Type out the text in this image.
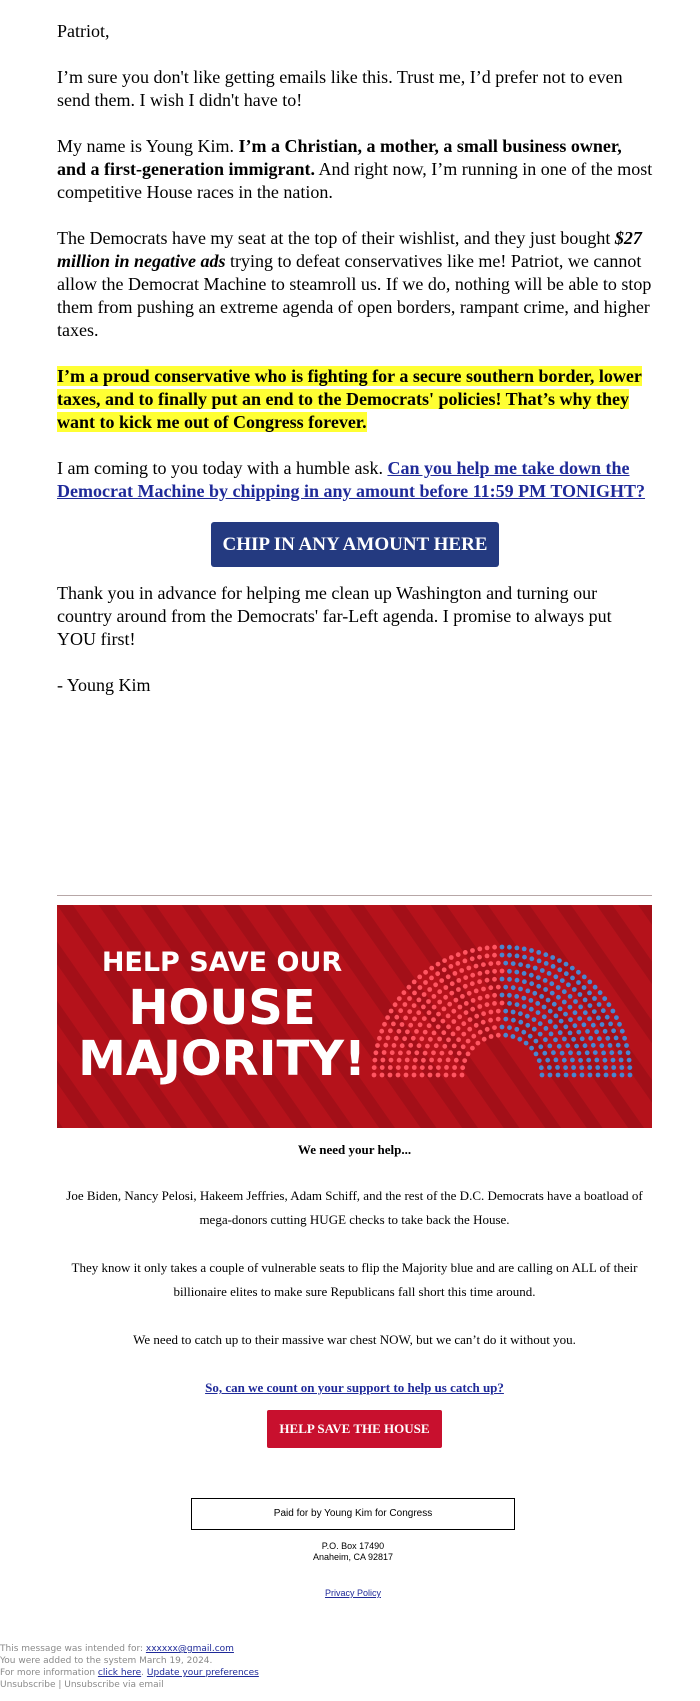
Patriot,

I’m sure you don't like getting emails like this. Trust me, I’d prefer not to even send them. I wish I didn't have to!

My name is Young Kim. I’m a Christian, a mother, a small business owner, and a first-generation immigrant. And right now, I’m running in one of the most competitive House races in the nation.

The Democrats have my seat at the top of their wishlist, and they just bought $27 million in negative ads trying to defeat conservatives like me! Patriot, we cannot allow the Democrat Machine to steamroll us. If we do, nothing will be able to stop them from pushing an extreme agenda of open borders, rampant crime, and higher taxes.

I’m a proud conservative who is fighting for a secure southern border, lower taxes, and to finally put an end to the Democrats' policies! That’s why they want to kick me out of Congress forever.

I am coming to you today with a humble ask. Can you help me take down the Democrat Machine by chipping in any amount before 11:59 PM TONIGHT?

CHIP IN ANY AMOUNT HERE

Thank you in advance for helping me clean up Washington and turning our country around from the Democrats' far-Left agenda. I promise to always put YOU first!

- Young Kim

HELP SAVE OUR
HOUSE
MAJORITY!

We need your help...

Joe Biden, Nancy Pelosi, Hakeem Jeffries, Adam Schiff, and the rest of the D.C. Democrats have a boatload of mega-donors cutting HUGE checks to take back the House.

They know it only takes a couple of vulnerable seats to flip the Majority blue and are calling on ALL of their billionaire elites to make sure Republicans fall short this time around.

We need to catch up to their massive war chest NOW, but we can’t do it without you.

So, can we count on your support to help us catch up?

HELP SAVE THE HOUSE
Paid for by Young Kim for Congress
P.O. Box 17490
Anaheim, CA 92817
Privacy Policy
This message was intended for: xxxxxx@gmail.com
You were added to the system March 19, 2024.
For more information click here. Update your preferences
Unsubscribe | Unsubscribe via email
